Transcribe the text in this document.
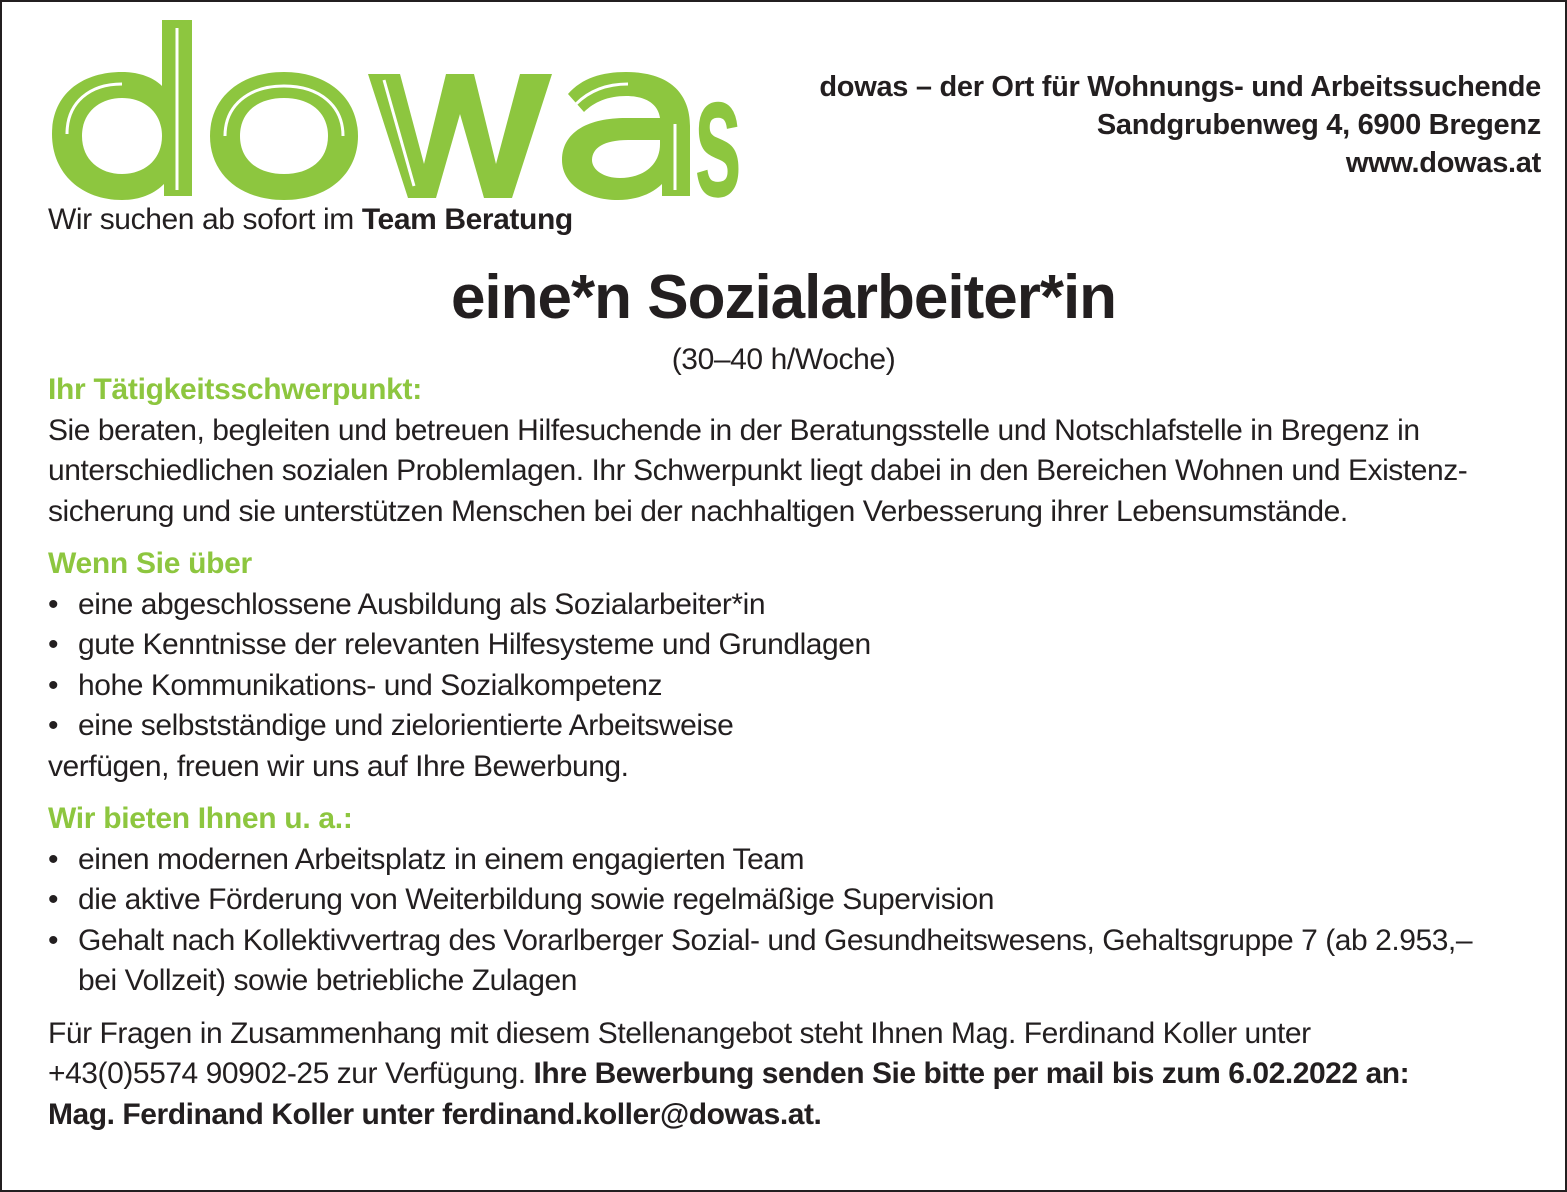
s	dowas – der Ort für Wohnungs- und Arbeitssuchende
Sandgrubenweg 4, 6900 Bregenz
www.dowas.at
Wir suchen ab sofort im Team Beratung
eine*n Sozialarbeiter*in
(30–40 h/Woche)
Ihr Tätigkeitsschwerpunkt:
Sie beraten, begleiten und betreuen Hilfesuchende in der Beratungsstelle und Notschlafstelle in Bregenz in
unterschiedlichen sozialen Problemlagen. Ihr Schwerpunkt liegt dabei in den Bereichen Wohnen und Existenz-
sicherung und sie unterstützen Menschen bei der nachhaltigen Verbesserung ihrer Lebensumstände.
Wenn Sie über
• eine abgeschlossene Ausbildung als Sozialarbeiter*in
• gute Kenntnisse der relevanten Hilfesysteme und Grundlagen
• hohe Kommunikations- und Sozialkompetenz
• eine selbstständige und zielorientierte Arbeitsweise
verfügen, freuen wir uns auf Ihre Bewerbung.
Wir bieten Ihnen u. a.:
• einen modernen Arbeitsplatz in einem engagierten Team
• die aktive Förderung von Weiterbildung sowie regelmäßige Supervision
• Gehalt nach Kollektivvertrag des Vorarlberger Sozial- und Gesundheitswesens, Gehaltsgruppe 7 (ab 2.953,–
bei Vollzeit) sowie betriebliche Zulagen
Für Fragen in Zusammenhang mit diesem Stellenangebot steht Ihnen Mag. Ferdinand Koller unter
+43(0)5574 90902-25 zur Verfügung. Ihre Bewerbung senden Sie bitte per mail bis zum 6.02.2022 an:
Mag. Ferdinand Koller unter ferdinand.koller@dowas.at.
